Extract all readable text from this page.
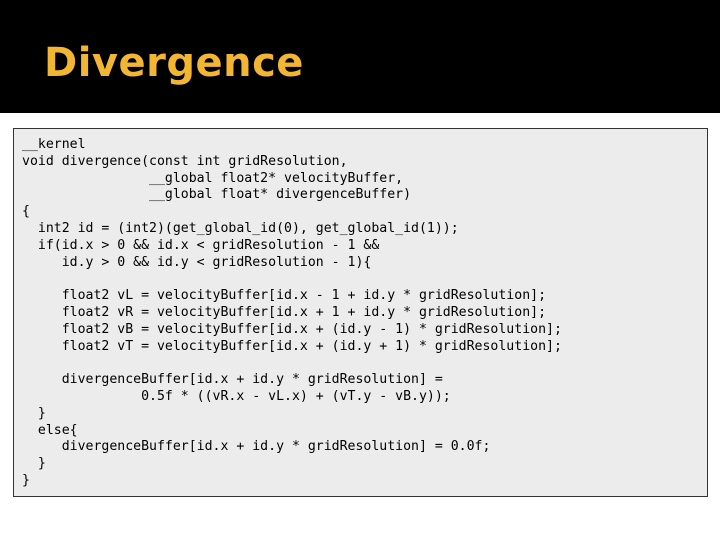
Divergence
__kernel
void divergence(const int gridResolution,
__global float2* velocityBuffer,
__global float* divergenceBuffer)
{
int2 id = (int2)(get_global_id(0), get_global_id(1));
if(id.x > 0 && id.x < gridResolution - 1 &&
id.y > 0 && id.y < gridResolution - 1){

float2 vL = velocityBuffer[id.x - 1 + id.y * gridResolution];
float2 vR = velocityBuffer[id.x + 1 + id.y * gridResolution];
float2 vB = velocityBuffer[id.x + (id.y - 1) * gridResolution];
float2 vT = velocityBuffer[id.x + (id.y + 1) * gridResolution];

divergenceBuffer[id.x + id.y * gridResolution] =
0.5f * ((vR.x - vL.x) + (vT.y - vB.y));
}
else{
divergenceBuffer[id.x + id.y * gridResolution] = 0.0f;
}
}
